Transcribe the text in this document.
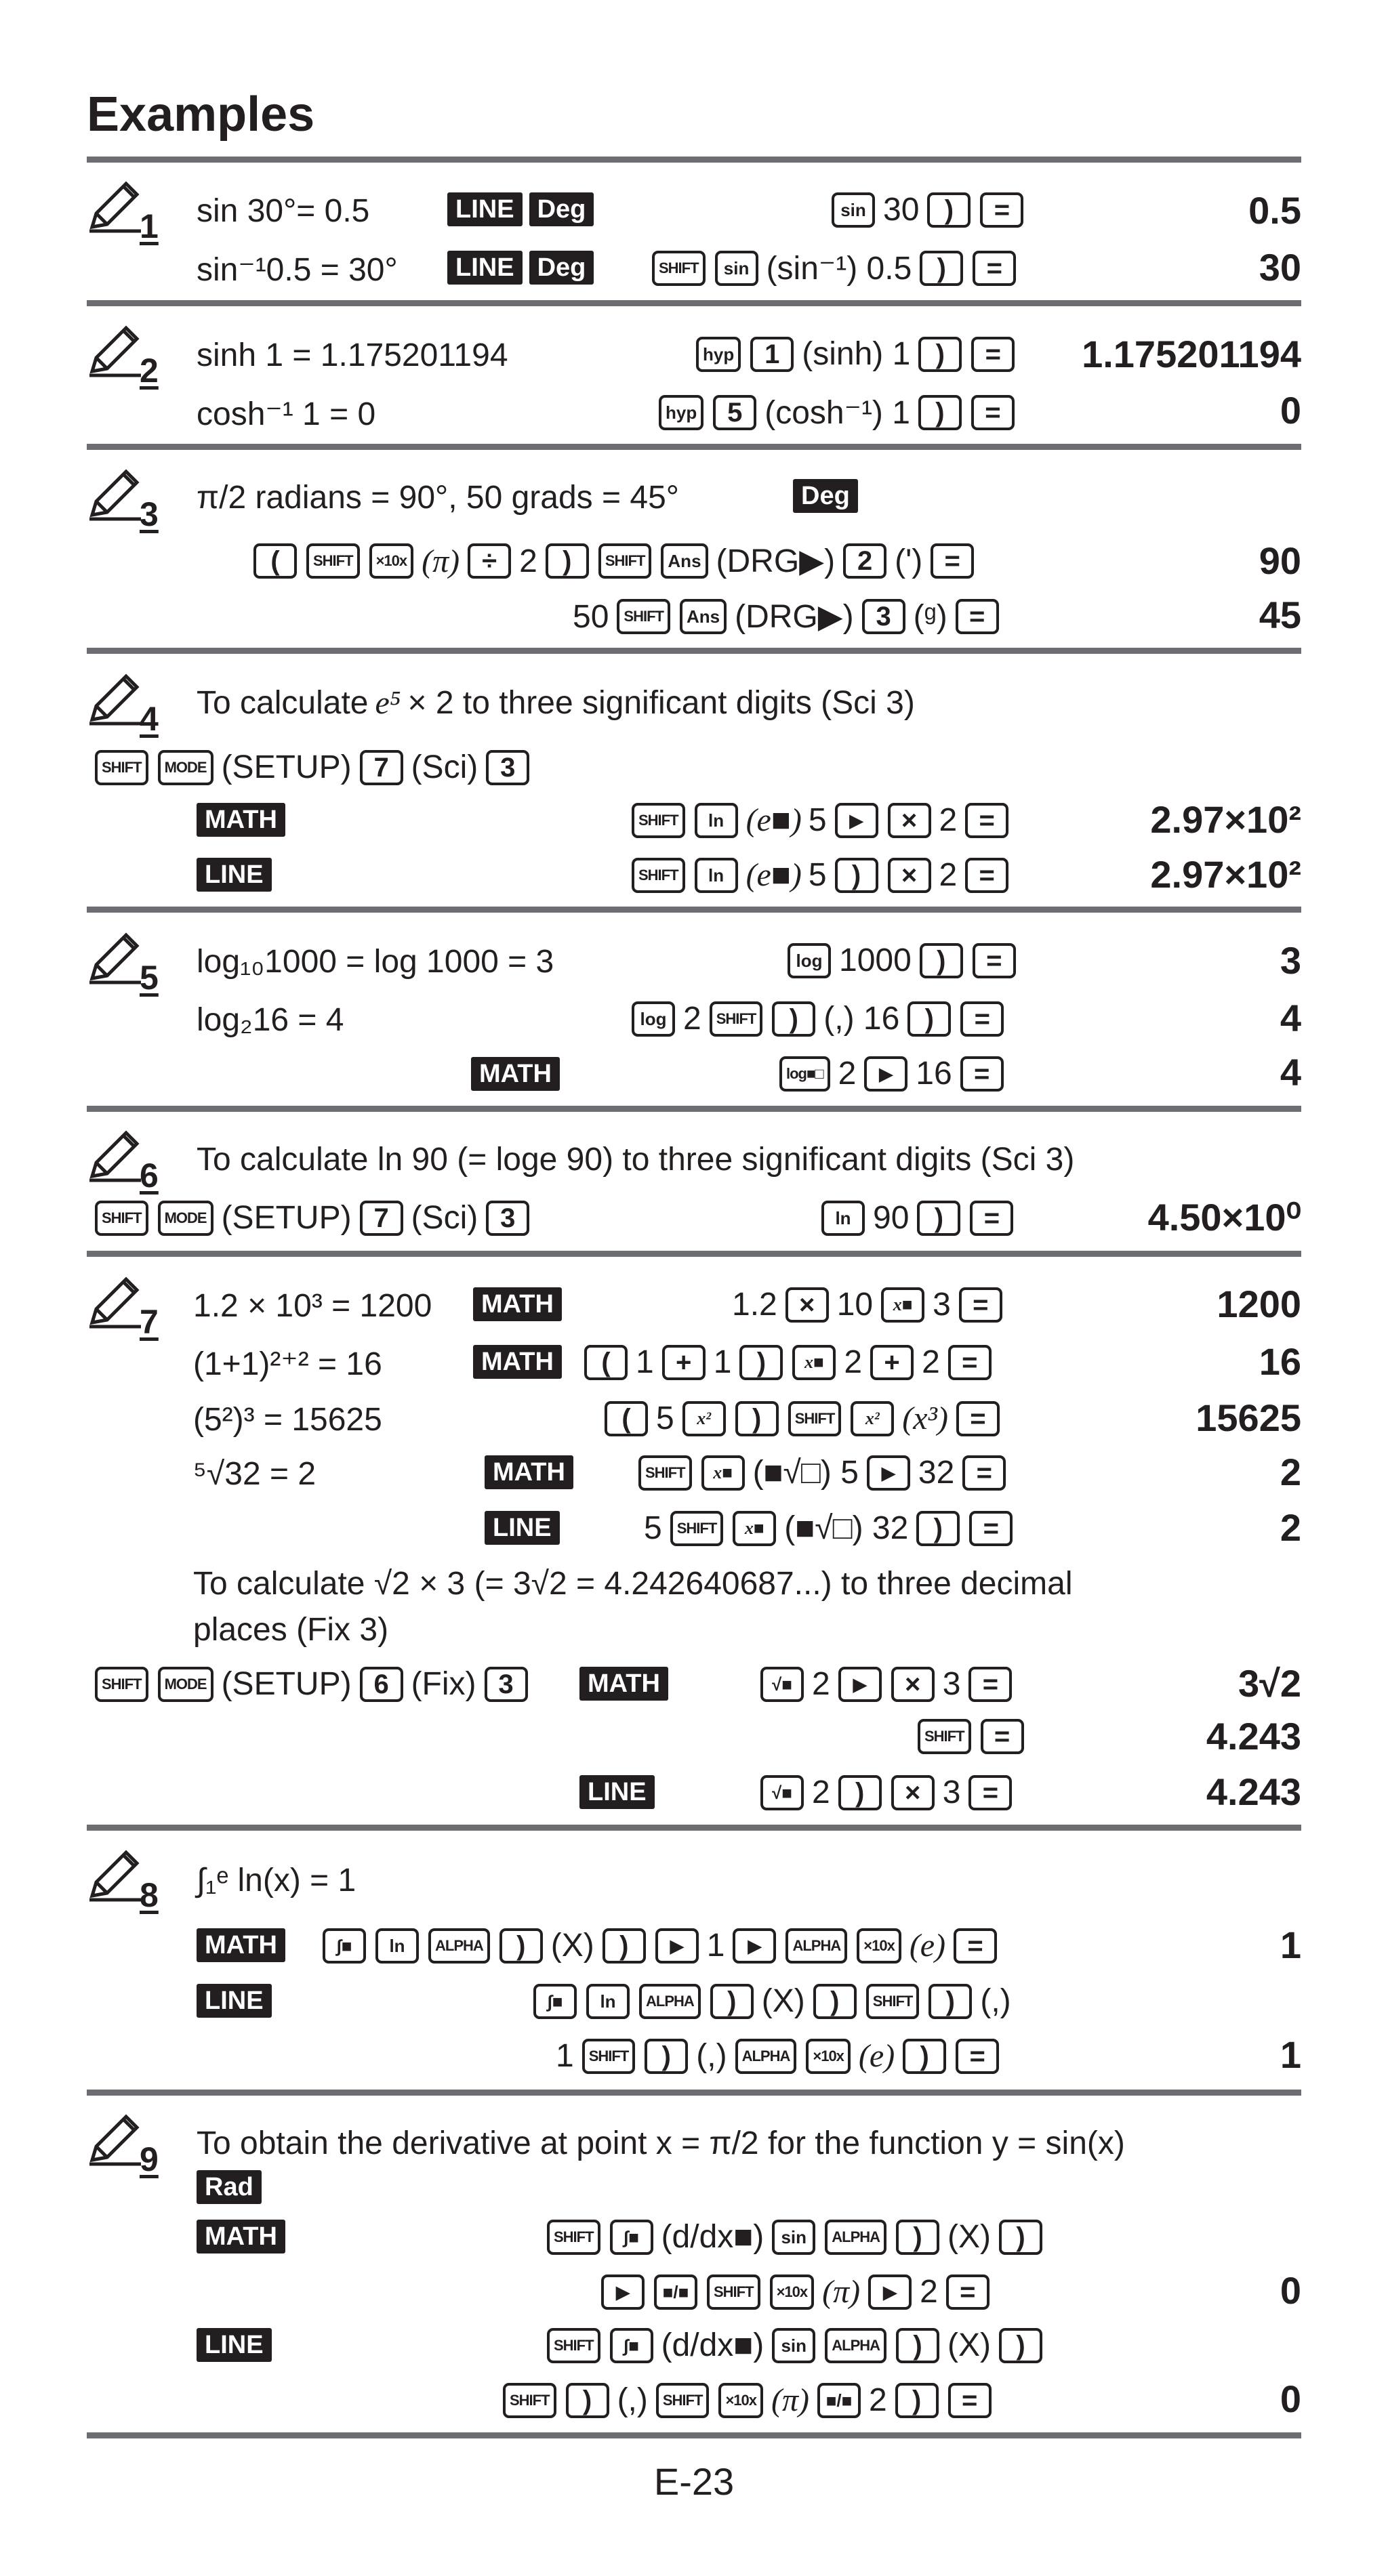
Examples
1 sin 30°= 0.5	LINE Deg	sin 30 )	=	0.5
sin⁻¹0.5 = 30°	LINE Deg	SHIFT	sin (sin⁻¹) 0.5 )	=	30
2 sinh 1 = 1.175201194	hyp	1 (sinh) 1 )	=	1.175201194
cosh⁻¹ 1 = 0	hyp	5 (cosh⁻¹) 1 )	=	0
3 π/2 radians = 90°, 50 grads = 45°	Deg
(	SHIFT	×10x (π) ÷ 2 )	SHIFT	Ans (DRG▶) 2 (') =	90
50	SHIFT	Ans (DRG▶) 3 (ᵍ) =	45
4 To calculate e⁵ × 2 to three significant digits (Sci 3)
SHIFT	MODE (SETUP) 7 (Sci) 3
MATH	SHIFT	ln (e■) 5	▶	× 2 =	2.97×10²
LINE	SHIFT	ln (e■) 5 )	× 2 =	2.97×10²
5 log₁₀1000 = log 1000 = 3	log 1000 )	=	3
log₂16 = 4	log 2	SHIFT	) (,) 16 )	=	4
MATH	log■□ 2	▶ 16 =	4
6 To calculate ln 90 (= loge 90) to three significant digits (Sci 3)
SHIFT	MODE (SETUP) 7 (Sci) 3	ln 90 )	=	4.50×10⁰
7 1.2 × 10³ = 1200	MATH	1.2 × 10	x■ 3 =	1200
(1+1)²⁺² = 16	MATH	( 1 + 1 )	x■ 2 + 2 =	16
(5²)³ = 15625	( 5	x²	)	SHIFT	x² (x³) =	15625
⁵√32 = 2	MATH	SHIFT	x■ (■√□) 5	▶ 32 =	2
LINE	5	SHIFT	x■ (■√□) 32 )	=	2
To calculate √2 × 3 (= 3√2 = 4.242640687...) to three decimal
places (Fix 3)
SHIFT	MODE (SETUP) 6 (Fix) 3	MATH	√■ 2	▶	× 3 =	3√2
SHIFT	=	4.243
LINE	√■ 2 )	× 3 =	4.243
8 ∫₁ᵉ ln(x) = 1
MATH	∫■	ln	ALPHA	) (X) )	▶ 1	▶	ALPHA	×10x (e) =	1
LINE	∫■	ln	ALPHA	) (X) )	SHIFT	) (,)
1	SHIFT	) (,)	ALPHA	×10x (e) )	=	1
9 To obtain the derivative at point x = π/2 for the function y = sin(x)
Rad
MATH	SHIFT	∫■ (d/dx■) sin	ALPHA	) (X) )
▶	■/■	SHIFT	×10x (π)	▶ 2 =	0
LINE	SHIFT	∫■ (d/dx■) sin	ALPHA	) (X) )
SHIFT	) (,)	SHIFT	×10x (π) ■/■ 2 )	=	0
E-23
